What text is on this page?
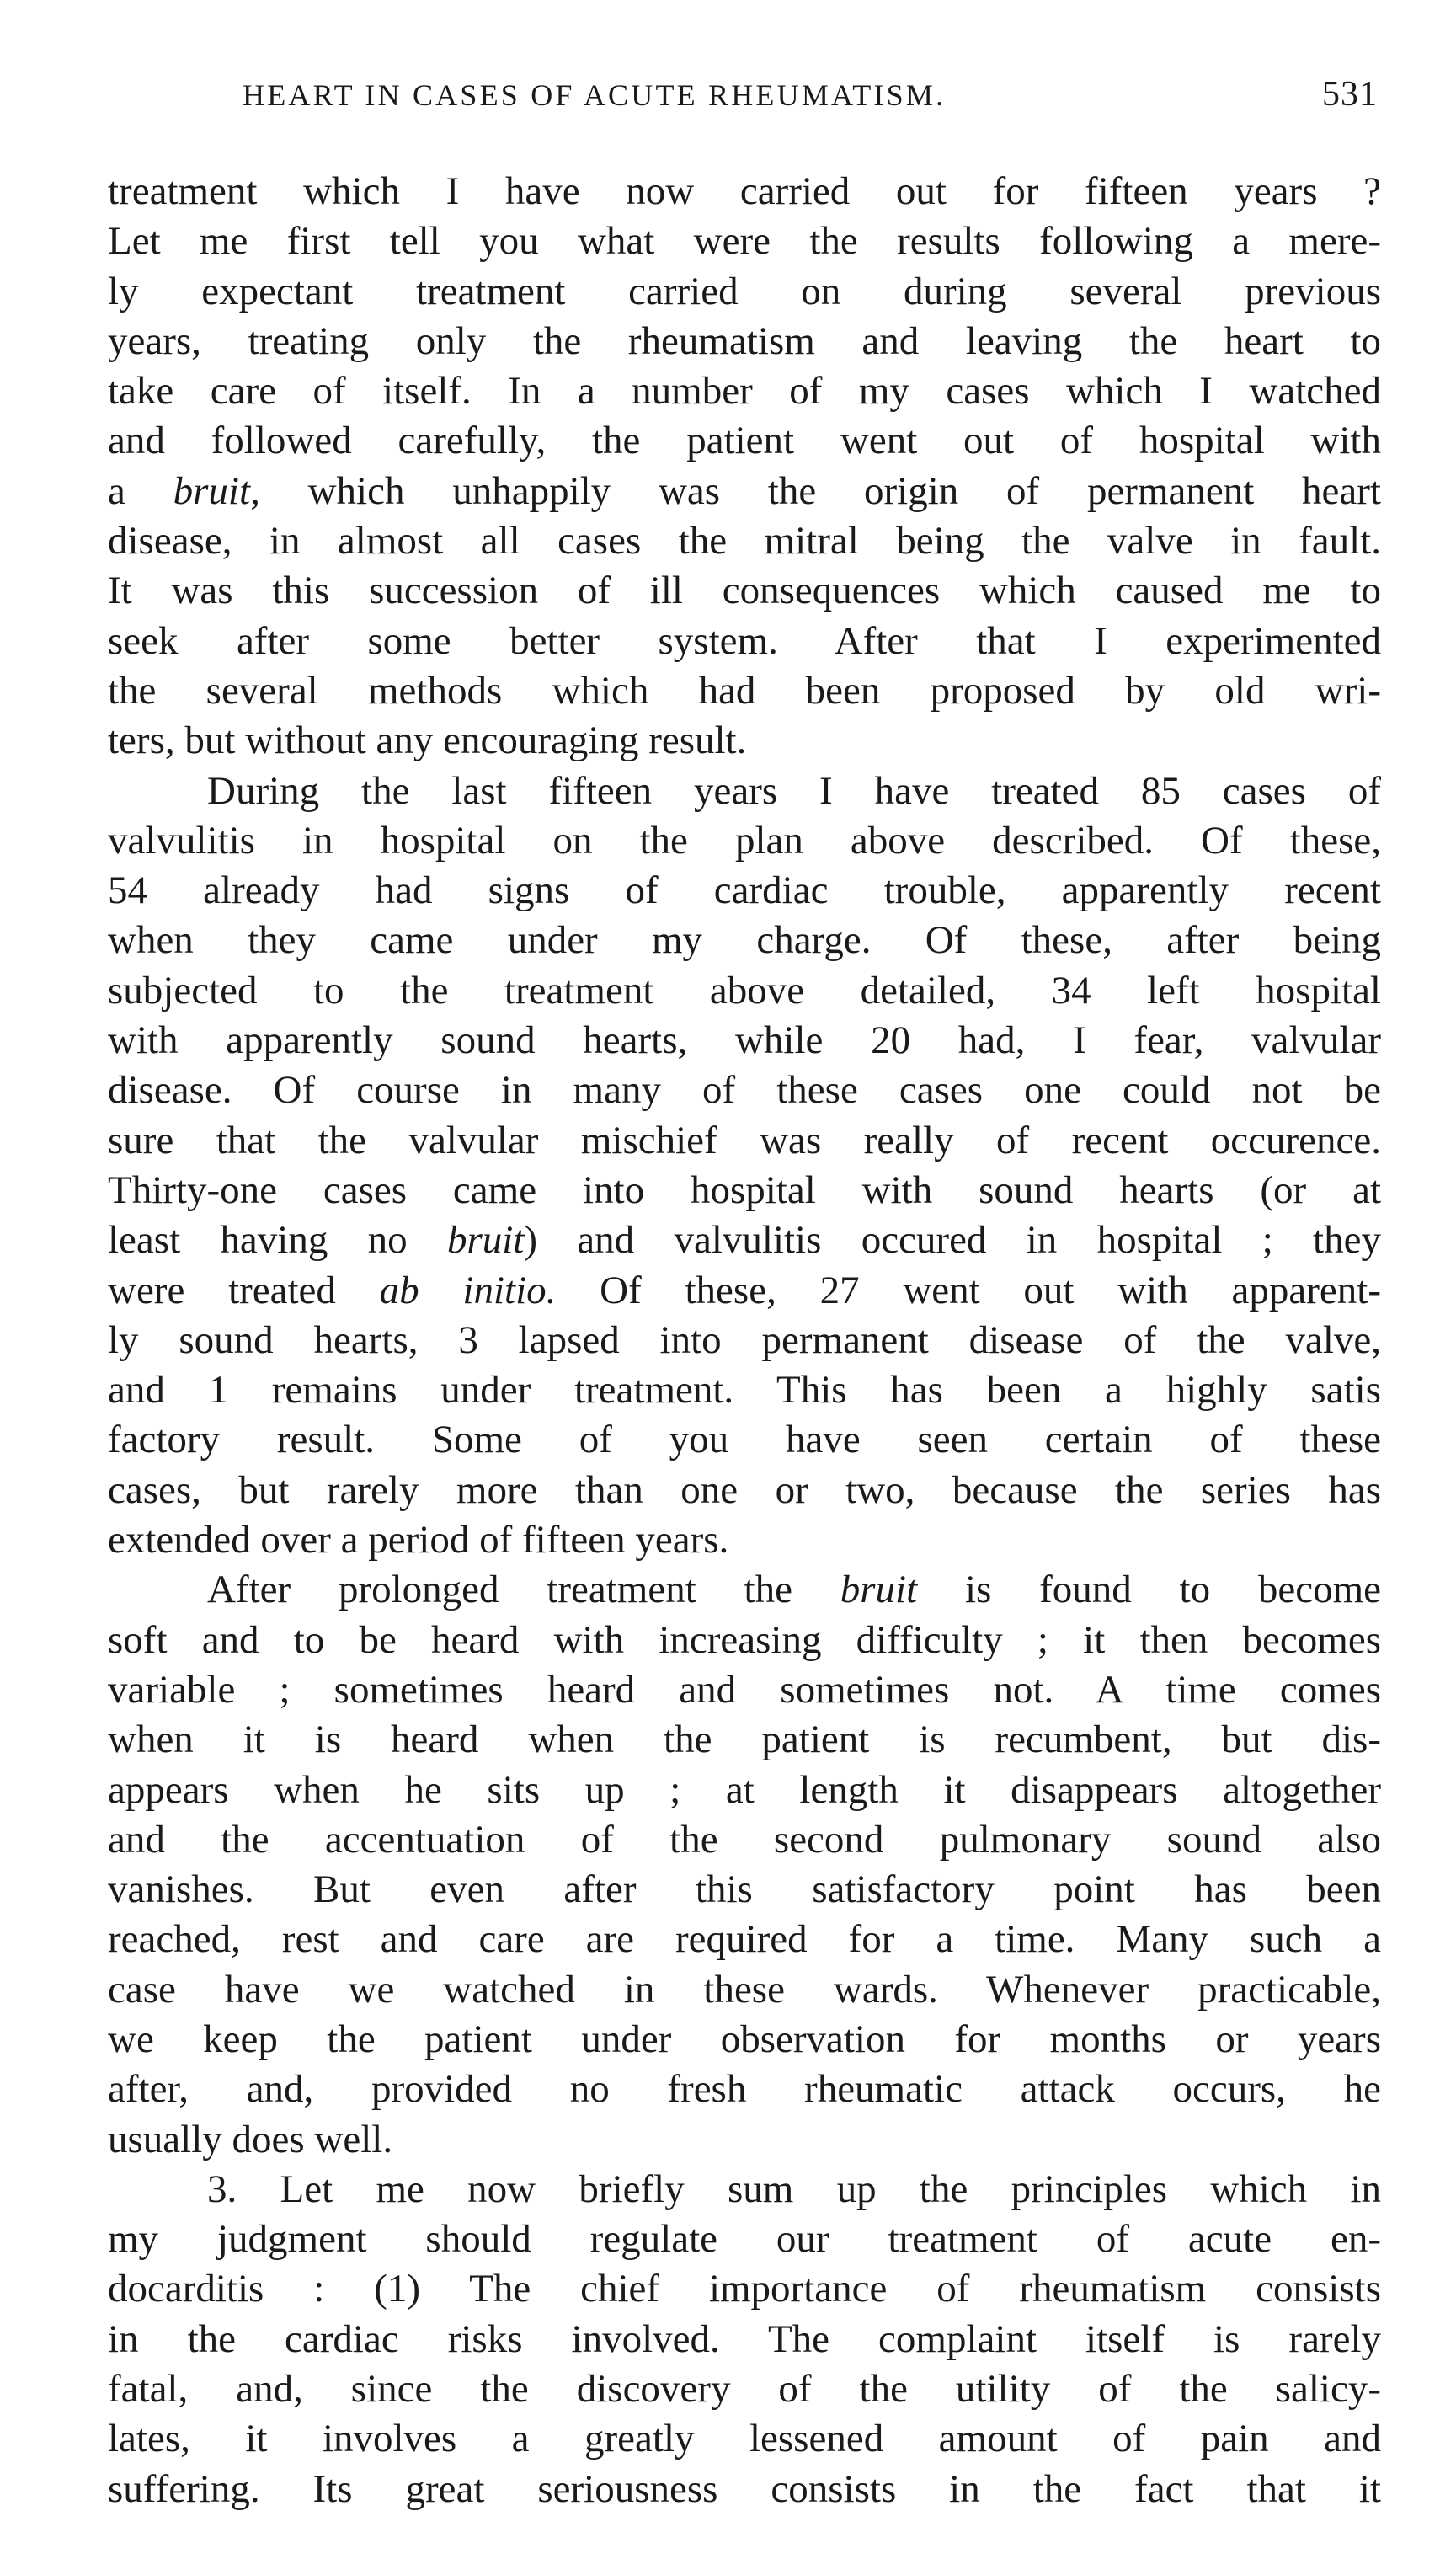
HEART IN CASES OF ACUTE RHEUMATISM.	531
treatment which I have now carried out for fifteen years ?
Let me first tell you what were the results following a mere-
ly expectant treatment carried on during several previous
years, treating only the rheumatism and leaving the heart to
take care of itself. In a number of my cases which I watched
and followed carefully, the patient went out of hospital with
a bruit, which unhappily was the origin of permanent heart
disease, in almost all cases the mitral being the valve in fault.
It was this succession of ill consequences which caused me to
seek after some better system. After that I experimented
the several methods which had been proposed by old wri-
ters, but without any encouraging result.
During the last fifteen years I have treated 85 cases of
valvulitis in hospital on the plan above described. Of these,
54 already had signs of cardiac trouble, apparently recent
when they came under my charge. Of these, after being
subjected to the treatment above detailed, 34 left hospital
with apparently sound hearts, while 20 had, I fear, valvular
disease. Of course in many of these cases one could not be
sure that the valvular mischief was really of recent occurence.
Thirty-one cases came into hospital with sound hearts (or at
least having no bruit) and valvulitis occured in hospital ; they
were treated ab initio. Of these, 27 went out with apparent-
ly sound hearts, 3 lapsed into permanent disease of the valve,
and 1 remains under treatment. This has been a highly satis
factory result. Some of you have seen certain of these
cases, but rarely more than one or two, because the series has
extended over a period of fifteen years.
After prolonged treatment the bruit is found to become
soft and to be heard with increasing difficulty ; it then becomes
variable ; sometimes heard and sometimes not. A time comes
when it is heard when the patient is recumbent, but dis-
appears when he sits up ; at length it disappears altogether
and the accentuation of the second pulmonary sound also
vanishes. But even after this satisfactory point has been
reached, rest and care are required for a time. Many such a
case have we watched in these wards. Whenever practicable,
we keep the patient under observation for months or years
after, and, provided no fresh rheumatic attack occurs, he
usually does well.
3. Let me now briefly sum up the principles which in
my judgment should regulate our treatment of acute en-
docarditis : (1) The chief importance of rheumatism consists
in the cardiac risks involved. The complaint itself is rarely
fatal, and, since the discovery of the utility of the salicy-
lates, it involves a greatly lessened amount of pain and
suffering. Its great seriousness consists in the fact that it
